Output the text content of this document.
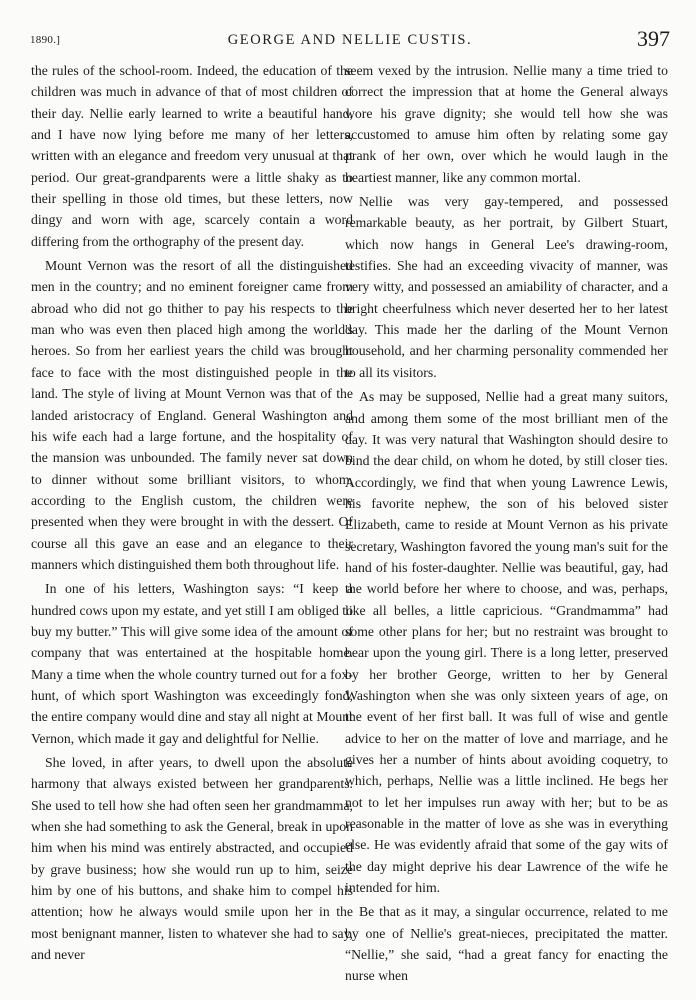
1890.]	GEORGE AND NELLIE CUSTIS.	397

the rules of the school-room. Indeed, the education of the children was much in advance of that of most children of their day. Nellie early learned to write a beautiful hand, and I have now lying before me many of her letters, written with an elegance and freedom very unusual at that period. Our great-grandparents were a little shaky as to their spelling in those old times, but these letters, now dingy and worn with age, scarcely contain a word differing from the orthography of the present day.

Mount Vernon was the resort of all the distinguished men in the country; and no eminent foreigner came from abroad who did not go thither to pay his respects to the man who was even then placed high among the world's heroes. So from her earliest years the child was brought face to face with the most distinguished people in the land. The style of living at Mount Vernon was that of the landed aristocracy of England. General Washington and his wife each had a large fortune, and the hospitality of the mansion was unbounded. The family never sat down to dinner without some brilliant visitors, to whom, according to the English custom, the children were presented when they were brought in with the dessert. Of course all this gave an ease and an elegance to their manners which distinguished them both throughout life.

In one of his letters, Washington says: “I keep a hundred cows upon my estate, and yet still I am obliged to buy my butter.” This will give some idea of the amount of company that was entertained at the hospitable home. Many a time when the whole country turned out for a fox-hunt, of which sport Washington was exceedingly fond, the entire company would dine and stay all night at Mount Vernon, which made it gay and delightful for Nellie.

She loved, in after years, to dwell upon the absolute harmony that always existed between her grandparents. She used to tell how she had often seen her grandmamma, when she had something to ask the General, break in upon him when his mind was entirely abstracted, and occupied by grave business; how she would run up to him, seize him by one of his buttons, and shake him to compel his attention; how he always would smile upon her in the most benignant manner, listen to whatever she had to say, and never

seem vexed by the intrusion. Nellie many a time tried to correct the impression that at home the General always wore his grave dignity; she would tell how she was accustomed to amuse him often by relating some gay prank of her own, over which he would laugh in the heartiest manner, like any common mortal.

Nellie was very gay-tempered, and possessed remarkable beauty, as her portrait, by Gilbert Stuart, which now hangs in General Lee's drawing-room, testifies. She had an exceeding vivacity of manner, was very witty, and possessed an amiability of character, and a bright cheerfulness which never deserted her to her latest day. This made her the darling of the Mount Vernon household, and her charming personality commended her to all its visitors.

As may be supposed, Nellie had a great many suitors, and among them some of the most brilliant men of the day. It was very natural that Washington should desire to bind the dear child, on whom he doted, by still closer ties. Accordingly, we find that when young Lawrence Lewis, his favorite nephew, the son of his beloved sister Elizabeth, came to reside at Mount Vernon as his private secretary, Washington favored the young man's suit for the hand of his foster-daughter. Nellie was beautiful, gay, had the world before her where to choose, and was, perhaps, like all belles, a little capricious. “Grandmamma” had some other plans for her; but no restraint was brought to bear upon the young girl. There is a long letter, preserved by her brother George, written to her by General Washington when she was only sixteen years of age, on the event of her first ball. It was full of wise and gentle advice to her on the matter of love and marriage, and he gives her a number of hints about avoiding coquetry, to which, perhaps, Nellie was a little inclined. He begs her not to let her impulses run away with her; but to be as reasonable in the matter of love as she was in everything else. He was evidently afraid that some of the gay wits of the day might deprive his dear Lawrence of the wife he intended for him.

Be that as it may, a singular occurrence, related to me by one of Nellie's great-nieces, precipitated the matter. “Nellie,” she said, “had a great fancy for enacting the nurse when
